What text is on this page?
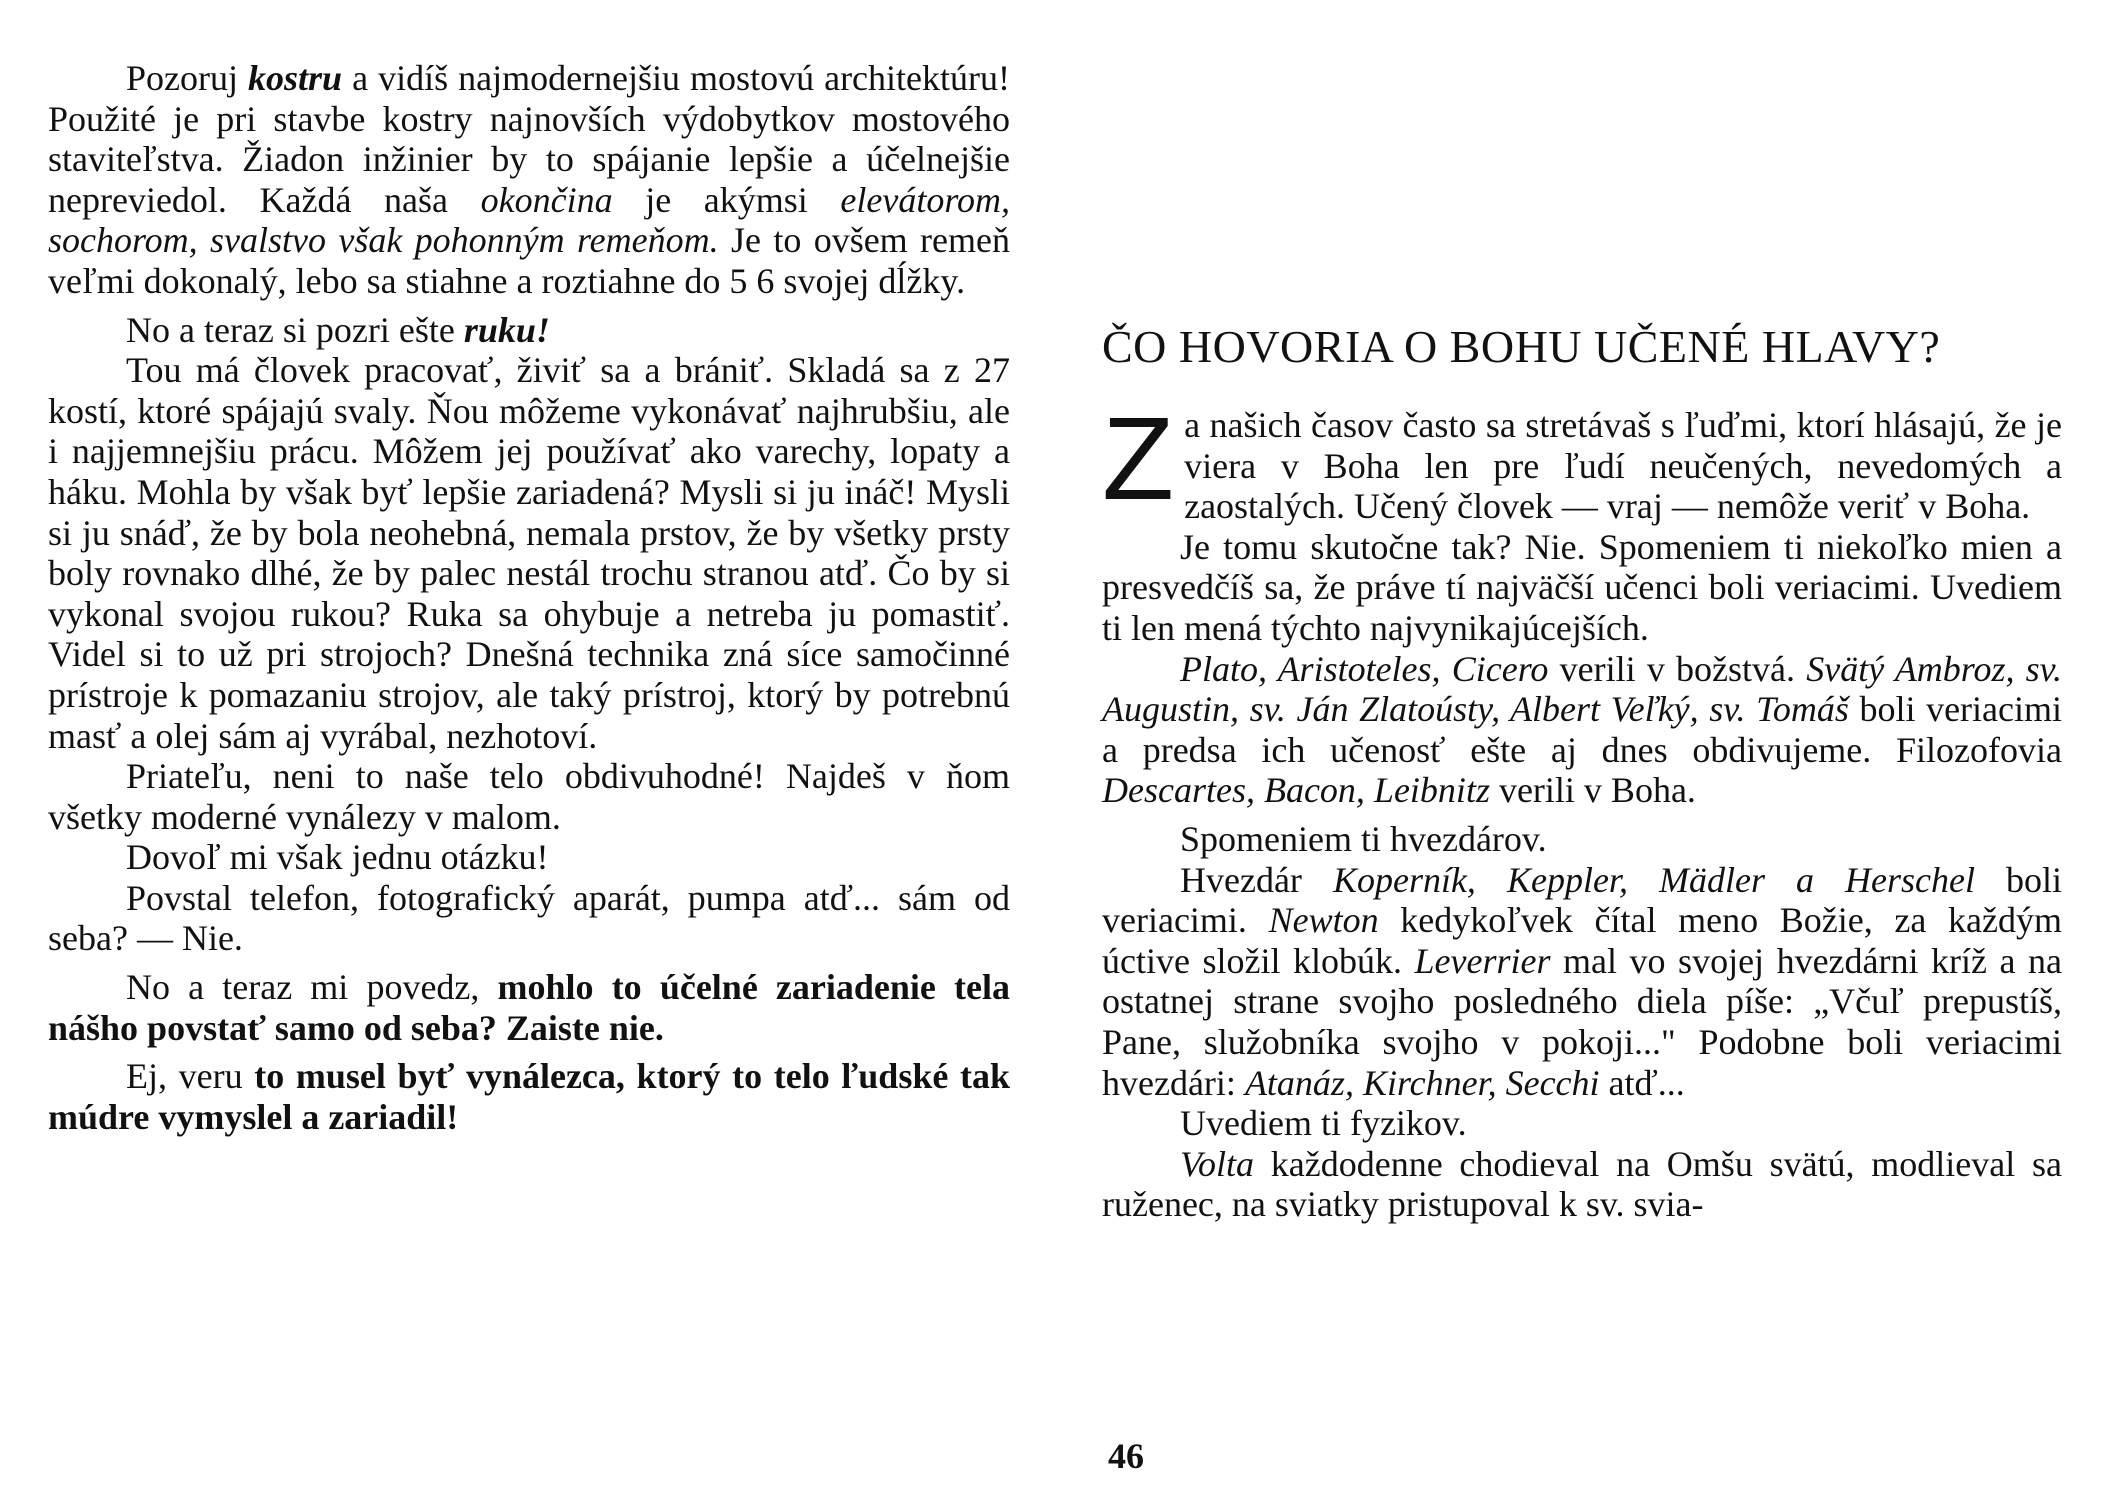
Pozoruj kostru a vidíš najmodernejšiu mostovú architektúru! Použité je pri stavbe kostry najnovších výdobytkov mostového staviteľstva. Žiadon inžinier by to spájanie lepšie a účelnejšie nepreviedol. Každá naša okončina je akýmsi elevátorom, sochorom, svalstvo však pohonným remeňom. Je to ovšem remeň veľmi dokonalý, lebo sa stiahne a roztiahne do 5 6 svojej dĺžky.

No a teraz si pozri ešte ruku!

Tou má človek pracovať, živiť sa a brániť. Skladá sa z 27 kostí, ktoré spájajú svaly. Ňou môžeme vykonávať najhrubšiu, ale i najjemnejšiu prácu. Môžem jej používať ako varechy, lopaty a háku. Mohla by však byť lepšie zariadená? Mysli si ju ináč! Mysli si ju snáď, že by bola neohebná, nemala prstov, že by všetky prsty boly rovnako dlhé, že by palec nestál trochu stranou atď. Čo by si vykonal svojou rukou? Ruka sa ohybuje a netreba ju pomastiť. Videl si to už pri strojoch? Dnešná technika zná síce samočinné prístroje k pomazaniu strojov, ale taký prístroj, ktorý by potrebnú masť a olej sám aj vyrábal, nezhotoví.

Priateľu, neni to naše telo obdivuhodné! Najdeš v ňom všetky moderné vynálezy v malom.

Dovoľ mi však jednu otázku!

Povstal telefon, fotografický aparát, pumpa atď... sám od seba? — Nie.

No a teraz mi povedz, mohlo to účelné zariadenie tela nášho povstať samo od seba? Zaiste nie.

Ej, veru to musel byť vynálezca, ktorý to telo ľudské tak múdre vymyslel a zariadil!

ČO HOVORIA O BOHU UČENÉ HLAVY?

Za našich časov často sa stretávaš s ľuďmi, ktorí hlásajú, že je viera v Boha len pre ľudí neučených, nevedomých a zaostalých. Učený človek — vraj — nemôže veriť v Boha.

Je tomu skutočne tak? Nie. Spomeniem ti niekoľko mien a presvedčíš sa, že práve tí najväčší učenci boli veriacimi. Uvediem ti len mená týchto najvynikajúcejších.

Plato, Aristoteles, Cicero verili v božstvá. Svätý Ambroz, sv. Augustin, sv. Ján Zlatoústy, Albert Veľký, sv. Tomáš boli veriacimi a predsa ich učenosť ešte aj dnes obdivujeme. Filozofovia Descartes, Bacon, Leibnitz verili v Boha.

Spomeniem ti hvezdárov.

Hvezdár Koperník, Keppler, Mädler a Herschel boli veriacimi. Newton kedykoľvek čítal meno Božie, za každým úctive složil klobúk. Leverrier mal vo svojej hvezdárni kríž a na ostatnej strane svojho posledného diela píše: „Včuľ prepustíš, Pane, služobníka svojho v pokoji..." Podobne boli veriacimi hvezdári: Atanáz, Kirchner, Secchi atď...

Uvediem ti fyzikov.

Volta každodenne chodieval na Omšu svätú, modlieval sa ruženec, na sviatky pristupoval k sv. svia-

46
